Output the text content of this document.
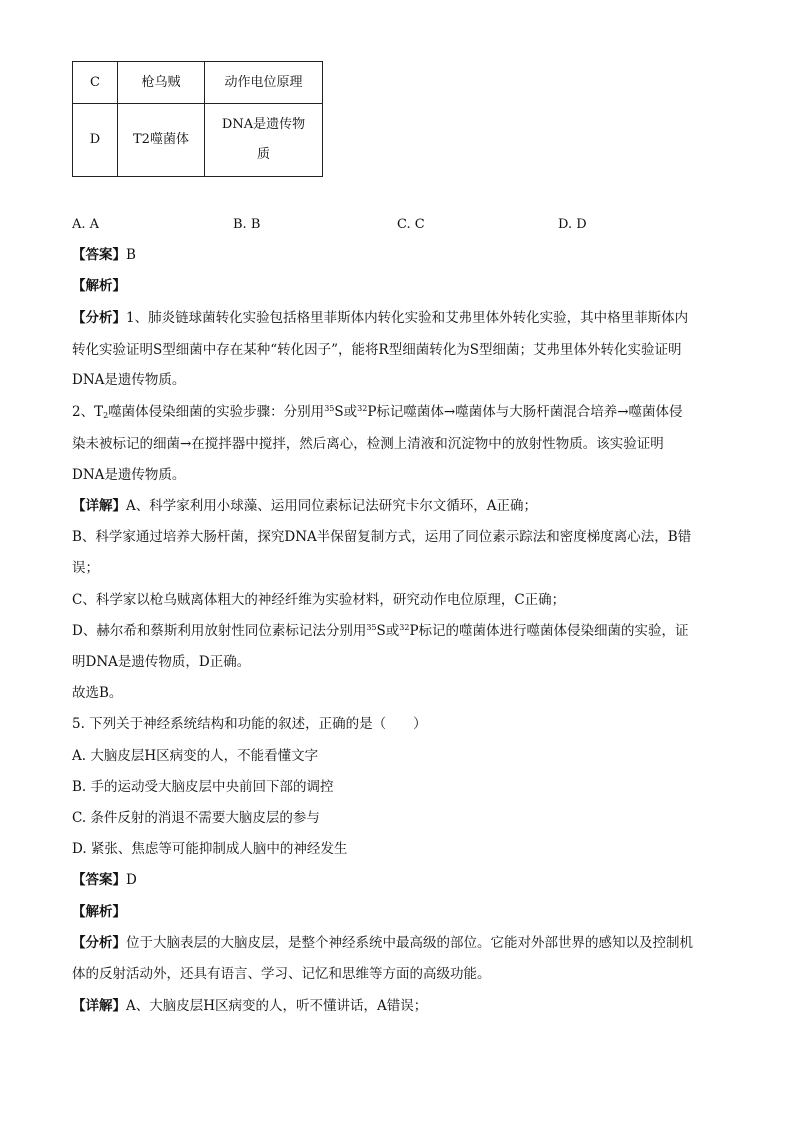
C	枪乌贼	动作电位原理
D	T2噬菌体	DNA是遗传物
质
A. A	B. B	C. C	D. D
【答案】B
【解析】
【分析】1、肺炎链球菌转化实验包括格里菲斯体内转化实验和艾弗里体外转化实验，其中格里菲斯体内
转化实验证明S型细菌中存在某种“转化因子”，能将R型细菌转化为S型细菌；艾弗里体外转化实验证明
DNA是遗传物质。
2、$T_2$噬菌体侵染细菌的实验步骤：分别用$^{35}$S或$^{32}$P标记噬菌体→噬菌体与大肠杆菌混合培养→噬菌体侵
染未被标记的细菌→在搅拌器中搅拌，然后离心，检测上清液和沉淀物中的放射性物质。该实验证明
DNA是遗传物质。
【详解】A、科学家利用小球藻、运用同位素标记法研究卡尔文循环，A正确；
B、科学家通过培养大肠杆菌，探究DNA半保留复制方式，运用了同位素示踪法和密度梯度离心法，B错
误；
C、科学家以枪乌贼离体粗大的神经纤维为实验材料，研究动作电位原理，C正确；
D、赫尔希和蔡斯利用放射性同位素标记法分别用$^{35}$S或$^{32}$P标记的噬菌体进行噬菌体侵染细菌的实验，证
明DNA是遗传物质，D正确。
故选B。
5. 下列关于神经系统结构和功能的叙述，正确的是（　　）
A. 大脑皮层H区病变的人，不能看懂文字
B. 手的运动受大脑皮层中央前回下部的调控
C. 条件反射的消退不需要大脑皮层的参与
D. 紧张、焦虑等可能抑制成人脑中的神经发生
【答案】D
【解析】
【分析】位于大脑表层的大脑皮层，是整个神经系统中最高级的部位。它能对外部世界的感知以及控制机
体的反射活动外，还具有语言、学习、记忆和思维等方面的高级功能。
【详解】A、大脑皮层H区病变的人，听不懂讲话，A错误；
